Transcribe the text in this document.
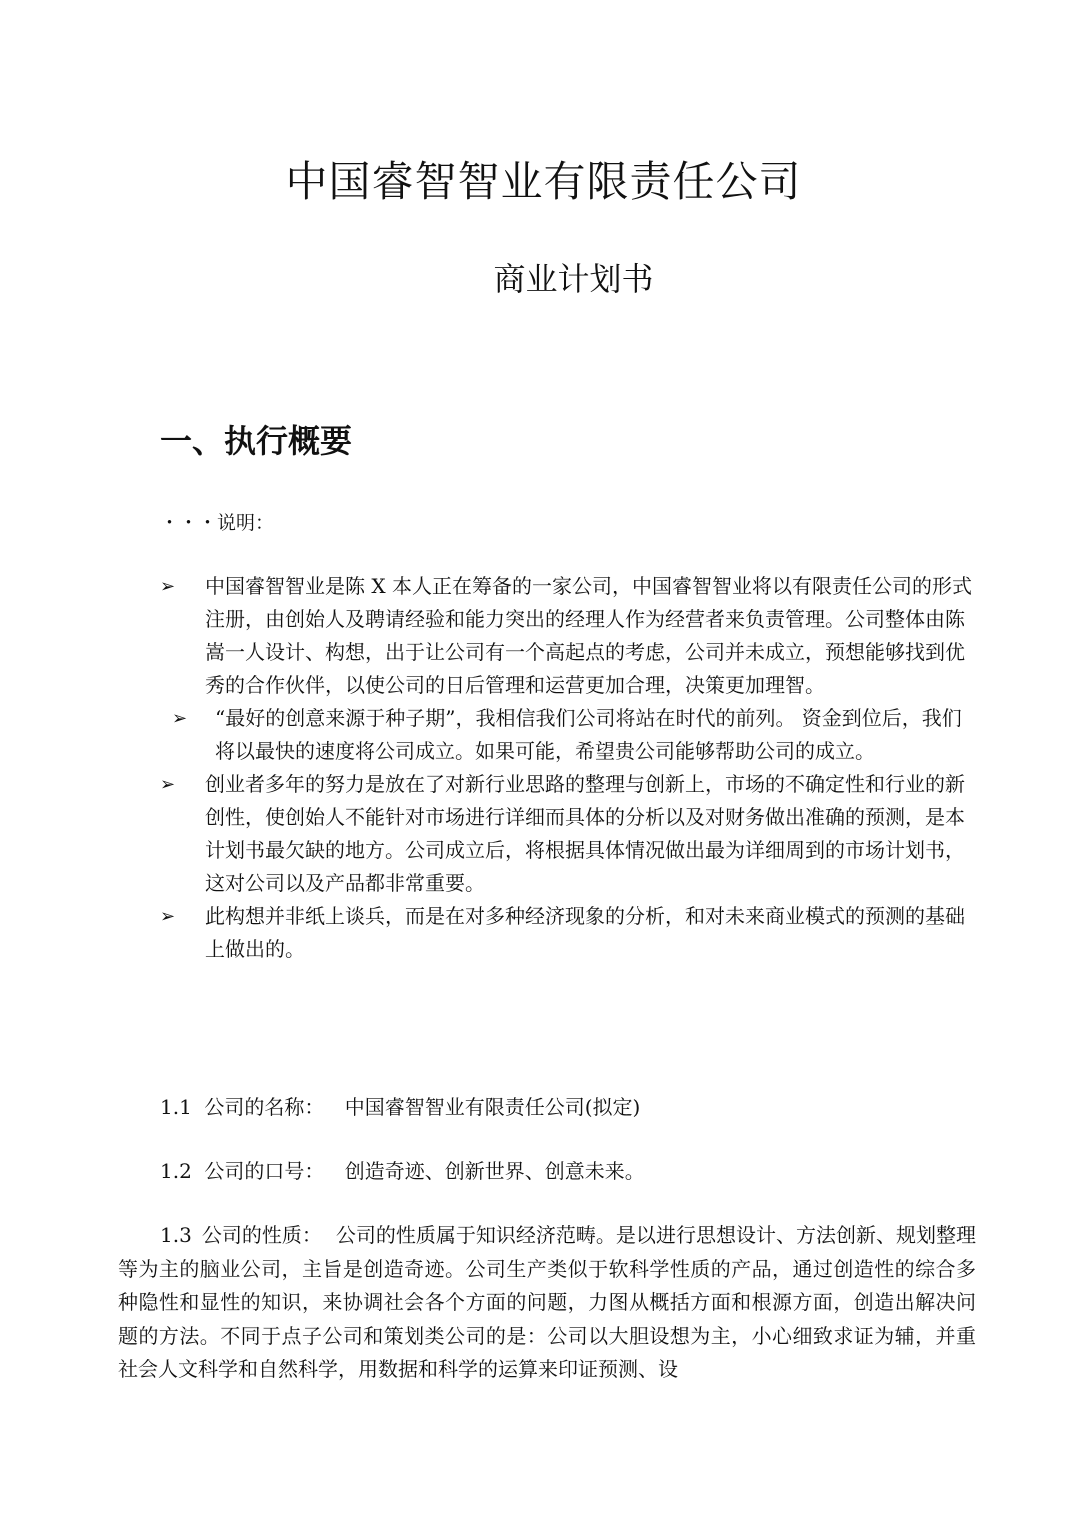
中国睿智智业有限责任公司
商业计划书
一、执行概要
・・・说明：

➢ 中国睿智智业是陈 X 本人正在筹备的一家公司，中国睿智智业将以有限责任公司的形式注册，由创始人及聘请经验和能力突出的经理人作为经营者来负责管理。公司整体由陈嵩一人设计、构想，出于让公司有一个高起点的考虑，公司并未成立，预想能够找到优秀的合作伙伴，以使公司的日后管理和运营更加合理，决策更加理智。

➢ “最好的创意来源于种子期”，我相信我们公司将站在时代的前列。 资金到位后，我们将以最快的速度将公司成立。如果可能，希望贵公司能够帮助公司的成立。

➢ 创业者多年的努力是放在了对新行业思路的整理与创新上，市场的不确定性和行业的新创性，使创始人不能针对市场进行详细而具体的分析以及对财务做出准确的预测，是本计划书最欠缺的地方。公司成立后，将根据具体情况做出最为详细周到的市场计划书，这对公司以及产品都非常重要。

➢ 此构想并非纸上谈兵，而是在对多种经济现象的分析，和对未来商业模式的预测的基础上做出的。

1.1 公司的名称： 中国睿智智业有限责任公司(拟定)
1.2 公司的口号： 创造奇迹、创新世界、创意未来。
1.3 公司的性质： 公司的性质属于知识经济范畴。是以进行思想设计、方法创新、规划整理等为主的脑业公司，主旨是创造奇迹。公司生产类似于软科学性质的产品，通过创造性的综合多种隐性和显性的知识，来协调社会各个方面的问题，力图从概括方面和根源方面，创造出解决问题的方法。不同于点子公司和策划类公司的是：公司以大胆设想为主，小心细致求证为辅，并重社会人文科学和自然科学，用数据和科学的运算来印证预测、设
